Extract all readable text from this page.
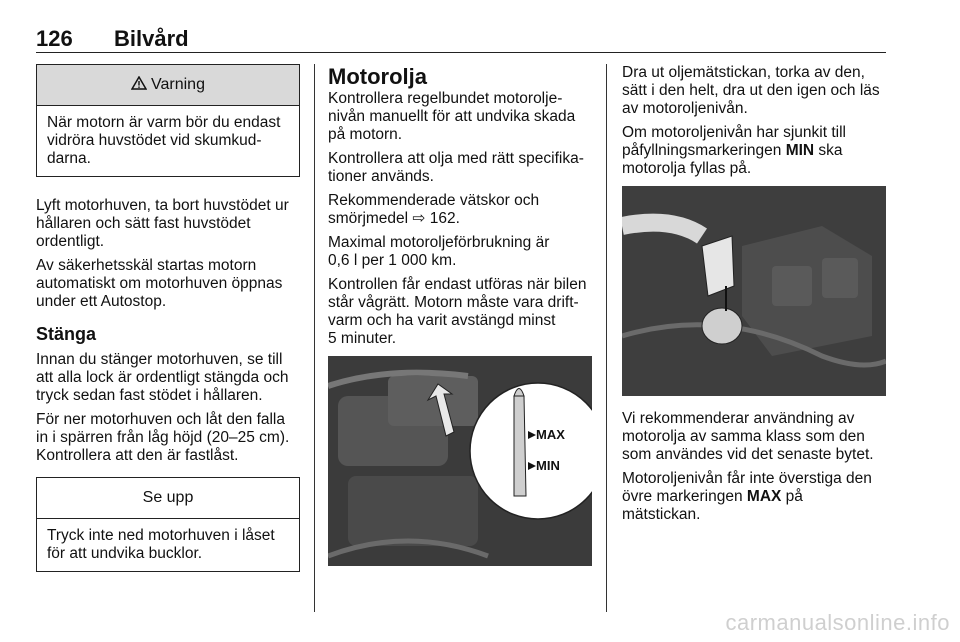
126 Bilvård
Varning

När motorn är varm bör du endast
vidröra huvstödet vid skumkud-
darna.

Lyft motorhuven, ta bort huvstödet ur
hållaren och sätt fast huvstödet
ordentligt.

Av säkerhetsskäl startas motorn
automatiskt om motorhuven öppnas
under ett Autostop.

Stänga

Innan du stänger motorhuven, se till
att alla lock är ordentligt stängda och
tryck sedan fast stödet i hållaren.

För ner motorhuven och låt den falla
in i spärren från låg höjd (20–25 cm).
Kontrollera att den är fastlåst.

Se upp

Tryck inte ned motorhuven i låset
för att undvika bucklor.

Motorolja

Kontrollera regelbundet motorolje-
nivån manuellt för att undvika skada
på motorn.

Kontrollera att olja med rätt specifika-
tioner används.

Rekommenderade vätskor och
smörjmedel ⇨ 162.

Maximal motoroljeförbrukning är
0,6 l per 1 000 km.

Kontrollen får endast utföras när bilen
står vågrätt. Motorn måste vara drift-
varm och ha varit avstängd minst
5 minuter.

MAX
MIN

Dra ut oljemätstickan, torka av den,
sätt i den helt, dra ut den igen och läs
av motoroljenivån.

Om motoroljenivån har sjunkit till
påfyllningsmarkeringen MIN ska
motorolja fyllas på.

Vi rekommenderar användning av
motorolja av samma klass som den
som användes vid det senaste bytet.

Motoroljenivån får inte överstiga den
övre markeringen MAX på
mätstickan.

carmanualsonline.info
